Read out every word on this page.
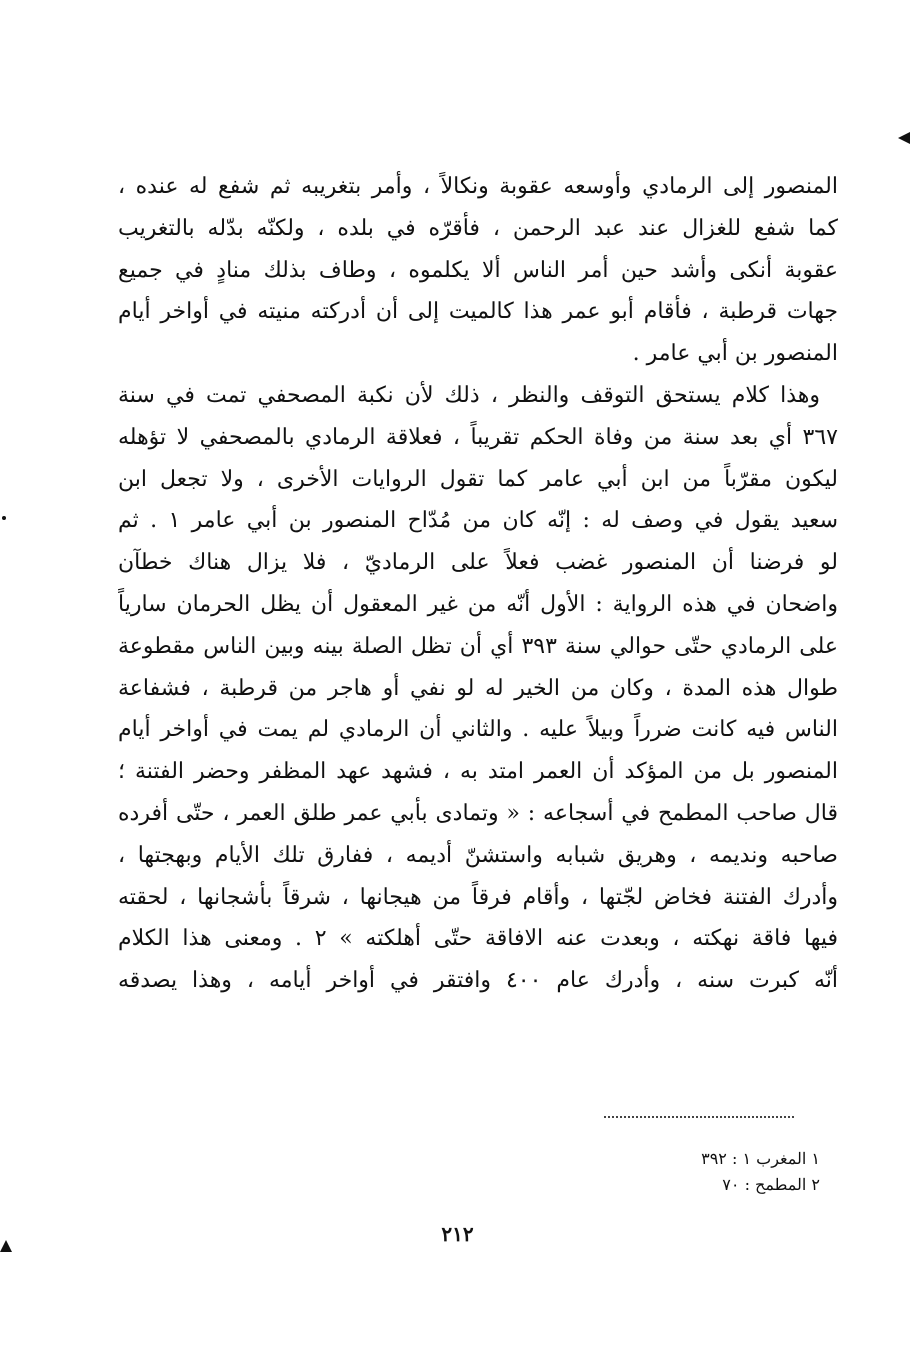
المنصور إلى الرمادي وأوسعه عقوبة ونكالاً ، وأمر بتغريبه ثم شفع له عنده ،
كما شفع للغزال عند عبد الرحمن ، فأقرّه في بلده ، ولكنّه بدّله بالتغريب
عقوبة أنكى وأشد حين أمر الناس ألا يكلموه ، وطاف بذلك منادٍ في جميع
جهات قرطبة ، فأقام أبو عمر هذا كالميت إلى أن أدركته منيته في أواخر أيام
المنصور بن أبي عامر .
وهذا كلام يستحق التوقف والنظر ، ذلك لأن نكبة المصحفي تمت في سنة
٣٦٧ أي بعد سنة من وفاة الحكم تقريباً ، فعلاقة الرمادي بالمصحفي لا تؤهله
ليكون مقرّباً من ابن أبي عامر كما تقول الروايات الأخرى ، ولا تجعل ابن
سعيد يقول في وصف له : إنّه كان من مُدّاح المنصور بن أبي عامر ١ . ثم
لو فرضنا أن المنصور غضب فعلاً على الرماديّ ، فلا يزال هناك خطآن
واضحان في هذه الرواية : الأول أنّه من غير المعقول أن يظل الحرمان سارياً
على الرمادي حتّى حوالي سنة ٣٩٣ أي أن تظل الصلة بينه وبين الناس مقطوعة
طوال هذه المدة ، وكان من الخير له لو نفي أو هاجر من قرطبة ، فشفاعة
الناس فيه كانت ضرراً وبيلاً عليه . والثاني أن الرمادي لم يمت في أواخر أيام
المنصور بل من المؤكد أن العمر امتد به ، فشهد عهد المظفر وحضر الفتنة ؛
قال صاحب المطمح في أسجاعه : « وتمادى بأبي عمر طلق العمر ، حتّى أفرده
صاحبه ونديمه ، وهريق شبابه واستشنّ أديمه ، ففارق تلك الأيام وبهجتها ،
وأدرك الفتنة فخاض لجّتها ، وأقام فرقاً من هيجانها ، شرقاً بأشجانها ، لحقته
فيها فاقة نهكته ، وبعدت عنه الافاقة حتّى أهلكته » ٢ . ومعنى هذا الكلام
أنّه كبرت سنه ، وأدرك عام ٤٠٠ وافتقر في أواخر أيامه ، وهذا يصدقه
١ المغرب ١ : ٣٩٢
٢ المطمح : ٧٠
٢١٢
